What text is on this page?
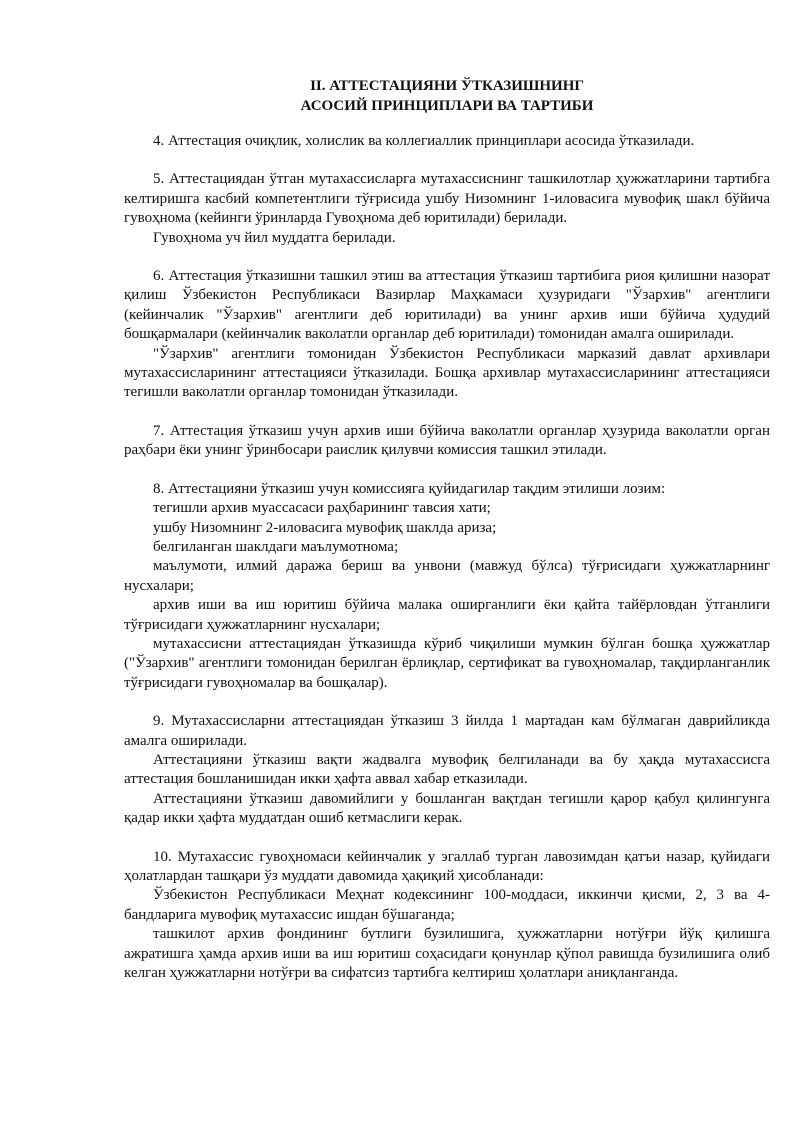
II. АТТЕСТАЦИЯНИ ЎТКАЗИШНИНГ
АСОСИЙ ПРИНЦИПЛАРИ ВА ТАРТИБИ

4. Аттестация очиқлик, холислик ва коллегиаллик принциплари асосида ўтказилади.

5. Аттестациядан ўтган мутахассисларга мутахассиснинг ташкилотлар ҳужжатларини тартибга келтиришга касбий компетентлиги тўғрисида ушбу Низомнинг 1-иловасига мувофиқ шакл бўйича гувоҳнома (кейинги ўринларда Гувоҳнома деб юритилади) берилади.

Гувоҳнома уч йил муддатга берилади.

6. Аттестация ўтказишни ташкил этиш ва аттестация ўтказиш тартибига риоя қилишни назорат қилиш Ўзбекистон Республикаси Вазирлар Маҳкамаси ҳузуридаги "Ўзархив" агентлиги (кейинчалик "Ўзархив" агентлиги деб юритилади) ва унинг архив иши бўйича ҳудудий бошқармалари (кейинчалик ваколатли органлар деб юритилади) томонидан амалга оширилади.

"Ўзархив" агентлиги томонидан Ўзбекистон Республикаси марказий давлат архивлари мутахассисларининг аттестацияси ўтказилади. Бошқа архивлар мутахассисларининг аттестацияси тегишли ваколатли органлар томонидан ўтказилади.

7. Аттестация ўтказиш учун архив иши бўйича ваколатли органлар ҳузурида ваколатли орган раҳбари ёки унинг ўринбосари раислик қилувчи комиссия ташкил этилади.

8. Аттестацияни ўтказиш учун комиссияга қуйидагилар тақдим этилиши лозим:

тегишли архив муассасаси раҳбарининг тавсия хати;

ушбу Низомнинг 2-иловасига мувофиқ шаклда ариза;

белгиланган шаклдаги маълумотнома;

маълумоти, илмий даража бериш ва унвони (мавжуд бўлса) тўғрисидаги ҳужжатларнинг нусхалари;

архив иши ва иш юритиш бўйича малака оширганлиги ёки қайта тайёрловдан ўтганлиги тўғрисидаги ҳужжатларнинг нусхалари;

мутахассисни аттестациядан ўтказишда кўриб чиқилиши мумкин бўлган бошқа ҳужжатлар ("Ўзархив" агентлиги томонидан берилган ёрлиқлар, сертификат ва гувоҳномалар, тақдирланганлик тўғрисидаги гувоҳномалар ва бошқалар).

9. Мутахассисларни аттестациядан ўтказиш 3 йилда 1 мартадан кам бўлмаган даврийликда амалга оширилади.

Аттестацияни ўтказиш вақти жадвалга мувофиқ белгиланади ва бу ҳақда мутахассисга аттестация бошланишидан икки ҳафта аввал хабар етказилади.

Аттестацияни ўтказиш давомийлиги у бошланган вақтдан тегишли қарор қабул қилингунга қадар икки ҳафта муддатдан ошиб кетмаслиги керак.

10. Мутахассис гувоҳномаси кейинчалик у эгаллаб турган лавозимдан қатъи назар, қуйидаги ҳолатлардан ташқари ўз муддати давомида ҳақиқий ҳисобланади:

Ўзбекистон Республикаси Меҳнат кодексининг 100-моддаси, иккинчи қисми, 2, 3 ва 4-бандларига мувофиқ мутахассис ишдан бўшаганда;

ташкилот архив фондининг бутлиги бузилишига, ҳужжатларни нотўғри йўқ қилишга ажратишга ҳамда архив иши ва иш юритиш соҳасидаги қонунлар қўпол равишда бузилишига олиб келган ҳужжатларни нотўғри ва сифатсиз тартибга келтириш ҳолатлари аниқланганда.
